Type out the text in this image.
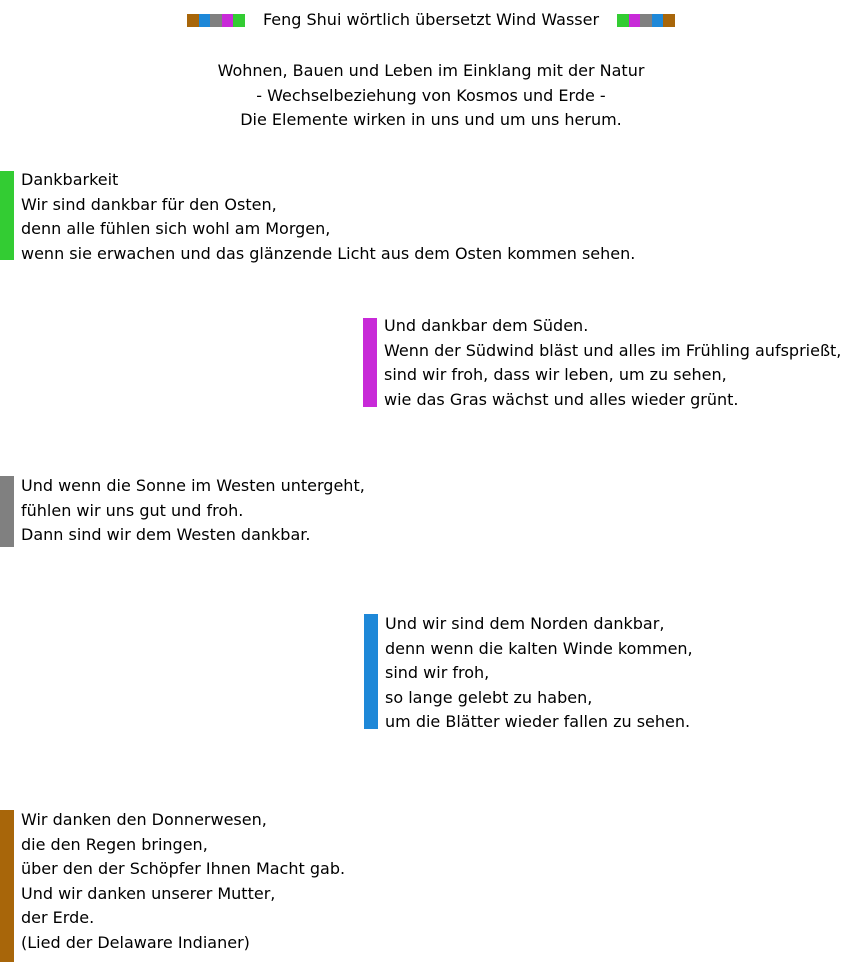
Feng Shui wörtlich übersetzt Wind Wasser
Wohnen, Bauen und Leben im Einklang mit der Natur
- Wechselbeziehung von Kosmos und Erde -
Die Elemente wirken in uns und um uns herum.
Dankbarkeit
Wir sind dankbar für den Osten,
denn alle fühlen sich wohl am Morgen,
wenn sie erwachen und das glänzende Licht aus dem Osten kommen sehen.
Und dankbar dem Süden.
Wenn der Südwind bläst und alles im Frühling aufsprießt,
sind wir froh, dass wir leben, um zu sehen,
wie das Gras wächst und alles wieder grünt.
Und wenn die Sonne im Westen untergeht,
fühlen wir uns gut und froh.
Dann sind wir dem Westen dankbar.
Und wir sind dem Norden dankbar,
denn wenn die kalten Winde kommen,
sind wir froh,
so lange gelebt zu haben,
um die Blätter wieder fallen zu sehen.
Wir danken den Donnerwesen,
die den Regen bringen,
über den der Schöpfer Ihnen Macht gab.
Und wir danken unserer Mutter,
der Erde.
(Lied der Delaware Indianer)
